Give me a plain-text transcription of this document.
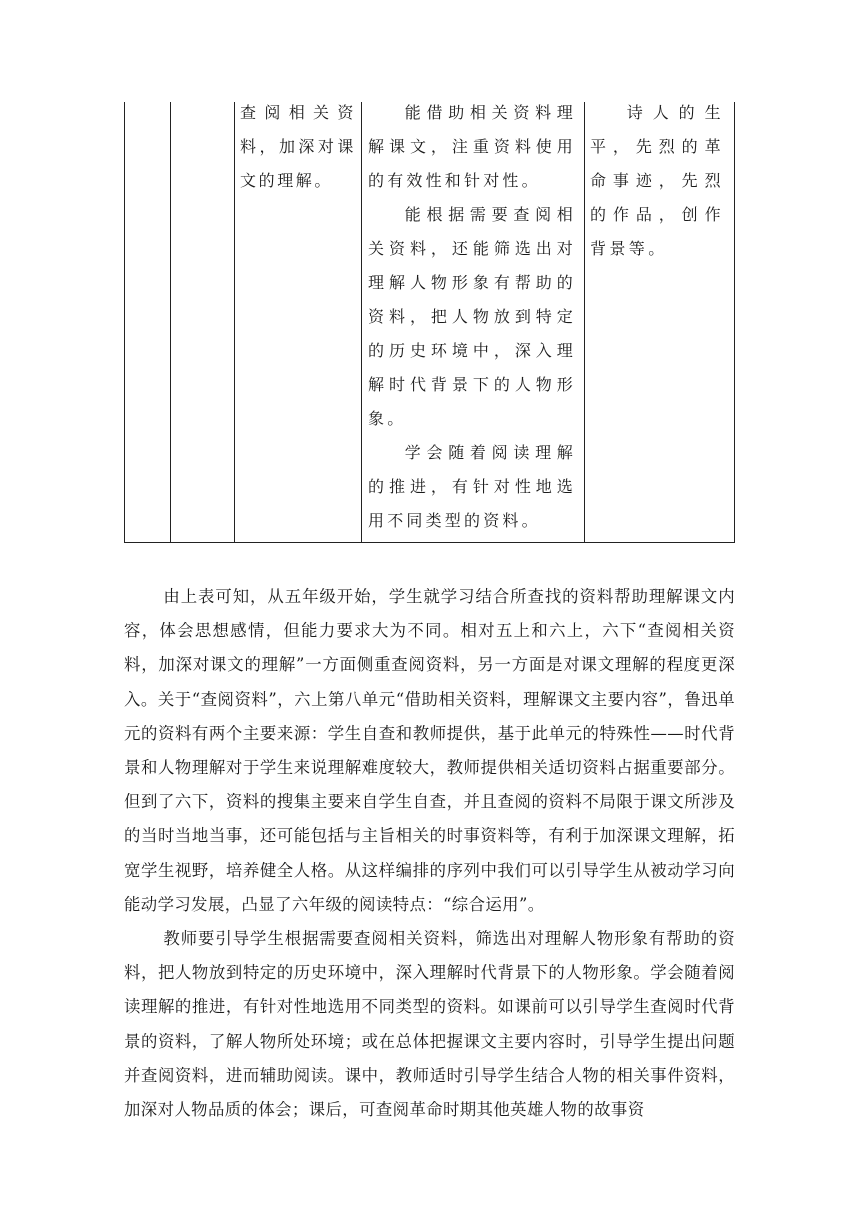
查阅相关资料，加深对课文的理解。

能借助相关资料理解课文，注重资料使用的有效性和针对性。

能根据需要查阅相关资料，还能筛选出对理解人物形象有帮助的资料，把人物放到特定的历史环境中，深入理解时代背景下的人物形象。

学会随着阅读理解的推进，有针对性地选用不同类型的资料。

诗人的生平，先烈的革命事迹，先烈的作品，创作背景等。

由上表可知，从五年级开始，学生就学习结合所查找的资料帮助理解课文内容，体会思想感情，但能力要求大为不同。相对五上和六上，六下“查阅相关资料，加深对课文的理解”一方面侧重查阅资料，另一方面是对课文理解的程度更深入。关于“查阅资料”，六上第八单元“借助相关资料，理解课文主要内容”，鲁迅单元的资料有两个主要来源：学生自查和教师提供，基于此单元的特殊性——时代背景和人物理解对于学生来说理解难度较大，教师提供相关适切资料占据重要部分。但到了六下，资料的搜集主要来自学生自查，并且查阅的资料不局限于课文所涉及的当时当地当事，还可能包括与主旨相关的时事资料等，有利于加深课文理解，拓宽学生视野，培养健全人格。从这样编排的序列中我们可以引导学生从被动学习向能动学习发展，凸显了六年级的阅读特点：“综合运用”。

教师要引导学生根据需要查阅相关资料，筛选出对理解人物形象有帮助的资料，把人物放到特定的历史环境中，深入理解时代背景下的人物形象。学会随着阅读理解的推进，有针对性地选用不同类型的资料。如课前可以引导学生查阅时代背景的资料，了解人物所处环境；或在总体把握课文主要内容时，引导学生提出问题并查阅资料，进而辅助阅读。课中，教师适时引导学生结合人物的相关事件资料，加深对人物品质的体会；课后，可查阅革命时期其他英雄人物的故事资
